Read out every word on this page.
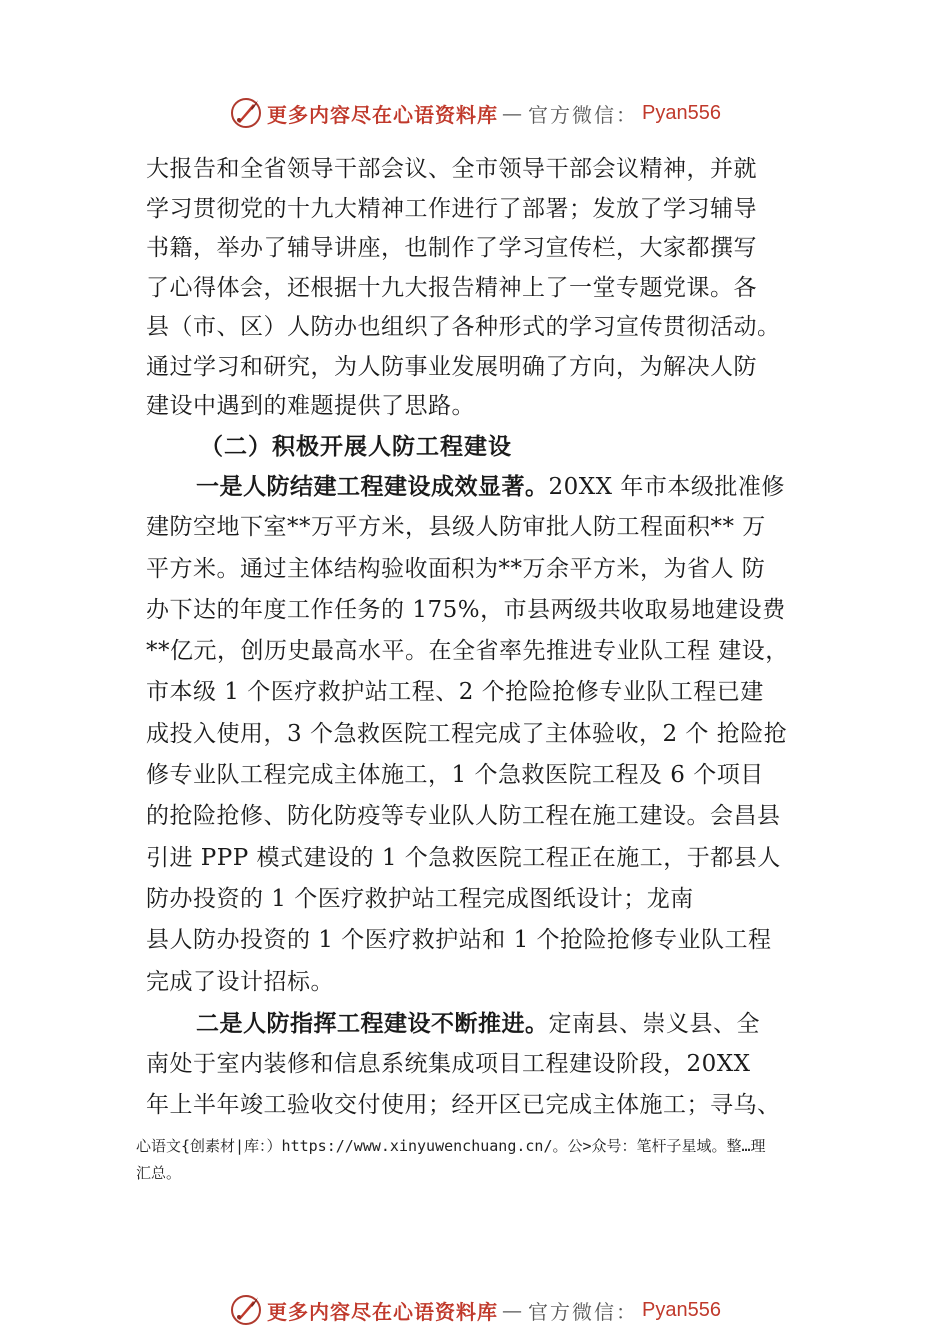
更多内容尽在心语资料库 — 官方微信： Pyan556
大报告和全省领导干部会议、全市领导干部会议精神，并就
学习贯彻党的十九大精神工作进行了部署；发放了学习辅导
书籍，举办了辅导讲座，也制作了学习宣传栏，大家都撰写
了心得体会，还根据十九大报告精神上了一堂专题党课。各
县（市、区）人防办也组织了各种形式的学习宣传贯彻活动。
通过学习和研究，为人防事业发展明确了方向，为解决人防
建设中遇到的难题提供了思路。
（二）积极开展人防工程建设
一是人防结建工程建设成效显著。20XX 年市本级批准修
建防空地下室**万平方米，县级人防审批人防工程面积** 万
平方米。通过主体结构验收面积为**万余平方米，为省人 防
办下达的年度工作任务的 175%，市县两级共收取易地建设费
**亿元，创历史最高水平。在全省率先推进专业队工程 建设，
市本级 1 个医疗救护站工程、2 个抢险抢修专业队工程已建
成投入使用，3 个急救医院工程完成了主体验收，2 个 抢险抢
修专业队工程完成主体施工，1 个急救医院工程及 6 个项目
的抢险抢修、防化防疫等专业队人防工程在施工建设。会昌县
引进 PPP 模式建设的 1 个急救医院工程正在施工，于都县人
防办投资的 1 个医疗救护站工程完成图纸设计；龙南
县人防办投资的 1 个医疗救护站和 1 个抢险抢修专业队工程
完成了设计招标。
二是人防指挥工程建设不断推进。定南县、崇义县、全
南处于室内装修和信息系统集成项目工程建设阶段，20XX
年上半年竣工验收交付使用；经开区已完成主体施工；寻乌、
心语文{创素材|库：）https://www.xinyuwenchuang.cn/。公>众号：笔杆子星域。整…理
汇总。
更多内容尽在心语资料库 — 官方微信： Pyan556
